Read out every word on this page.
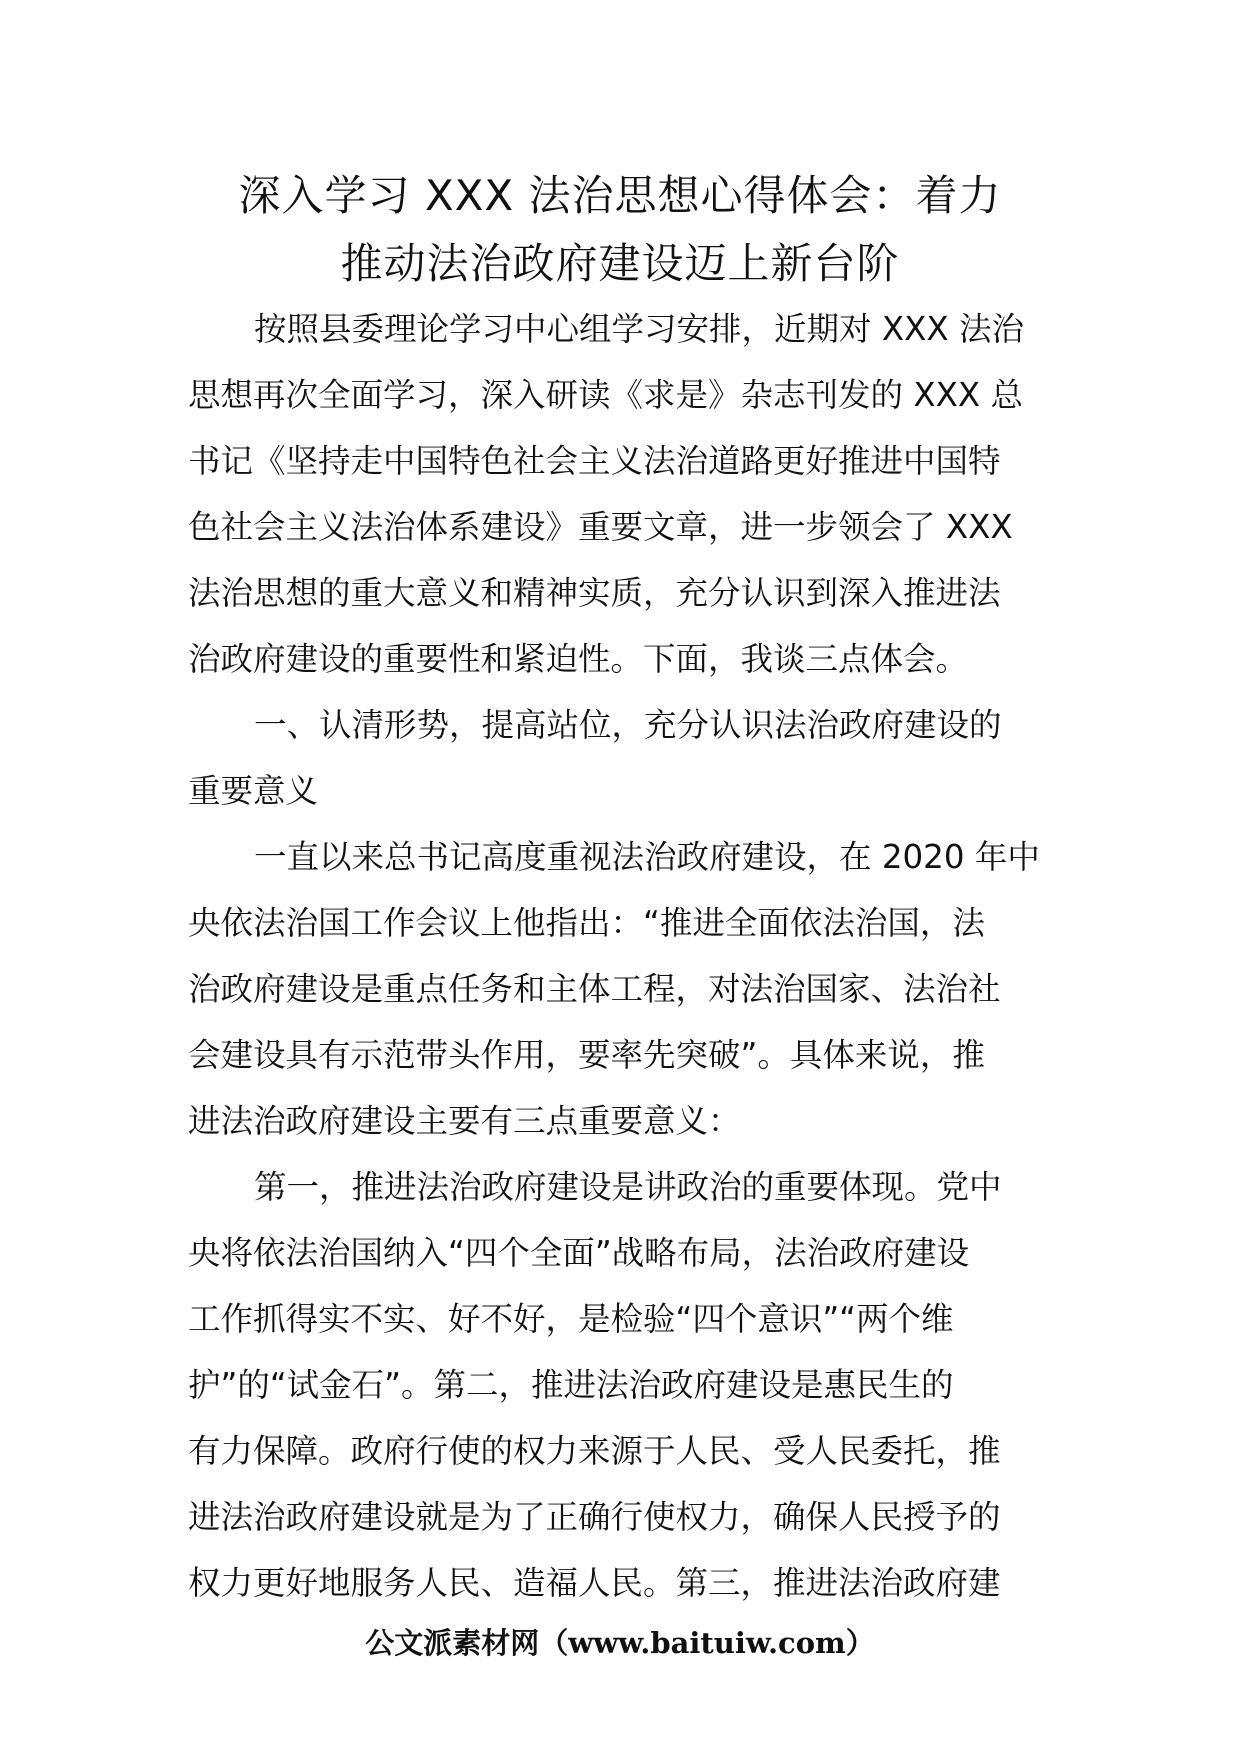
深入学习 XXX 法治思想心得体会：着力
推动法治政府建设迈上新台阶
按照县委理论学习中心组学习安排，近期对 XXX 法治
思想再次全面学习，深入研读《求是》杂志刊发的 XXX 总
书记《坚持走中国特色社会主义法治道路更好推进中国特
色社会主义法治体系建设》重要文章，进一步领会了 XXX
法治思想的重大意义和精神实质，充分认识到深入推进法
治政府建设的重要性和紧迫性。下面，我谈三点体会。
一、认清形势，提高站位，充分认识法治政府建设的
重要意义
一直以来总书记高度重视法治政府建设，在 2020 年中
央依法治国工作会议上他指出：“推进全面依法治国，法
治政府建设是重点任务和主体工程，对法治国家、法治社
会建设具有示范带头作用，要率先突破”。具体来说，推
进法治政府建设主要有三点重要意义：
第一，推进法治政府建设是讲政治的重要体现。党中
央将依法治国纳入“四个全面”战略布局，法治政府建设
工作抓得实不实、好不好，是检验“四个意识”“两个维
护”的“试金石”。第二，推进法治政府建设是惠民生的
有力保障。政府行使的权力来源于人民、受人民委托，推
进法治政府建设就是为了正确行使权力，确保人民授予的
权力更好地服务人民、造福人民。第三，推进法治政府建
公文派素材网（www.baituiw.com）
